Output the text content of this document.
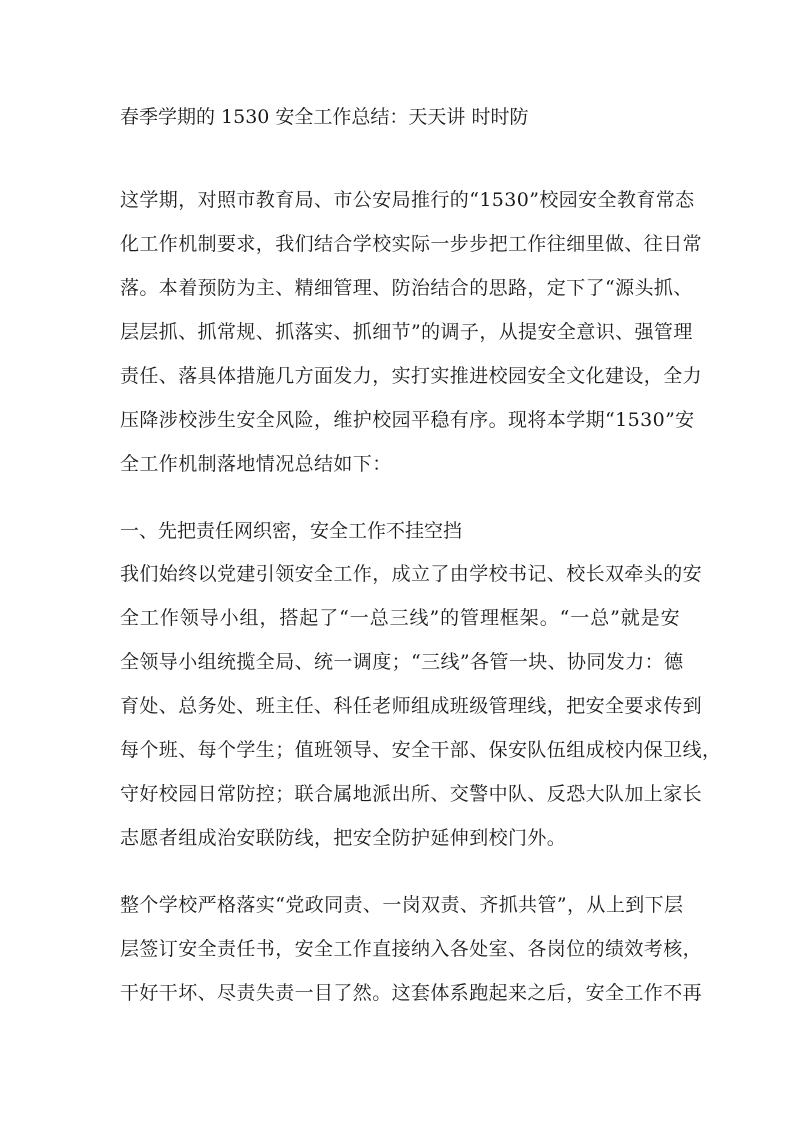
春季学期的 1530 安全工作总结：天天讲 时时防
这学期，对照市教育局、市公安局推行的“1530”校园安全教育常态
化工作机制要求，我们结合学校实际一步步把工作往细里做、往日常
落。本着预防为主、精细管理、防治结合的思路，定下了“源头抓、
层层抓、抓常规、抓落实、抓细节”的调子，从提安全意识、强管理
责任、落具体措施几方面发力，实打实推进校园安全文化建设，全力
压降涉校涉生安全风险，维护校园平稳有序。现将本学期“1530”安
全工作机制落地情况总结如下：
一、先把责任网织密，安全工作不挂空挡
我们始终以党建引领安全工作，成立了由学校书记、校长双牵头的安
全工作领导小组，搭起了“一总三线”的管理框架。“一总”就是安
全领导小组统揽全局、统一调度；“三线”各管一块、协同发力：德
育处、总务处、班主任、科任老师组成班级管理线，把安全要求传到
每个班、每个学生；值班领导、安全干部、保安队伍组成校内保卫线，
守好校园日常防控；联合属地派出所、交警中队、反恐大队加上家长
志愿者组成治安联防线，把安全防护延伸到校门外。
整个学校严格落实“党政同责、一岗双责、齐抓共管”，从上到下层
层签订安全责任书，安全工作直接纳入各处室、各岗位的绩效考核，
干好干坏、尽责失责一目了然。这套体系跑起来之后，安全工作不再
